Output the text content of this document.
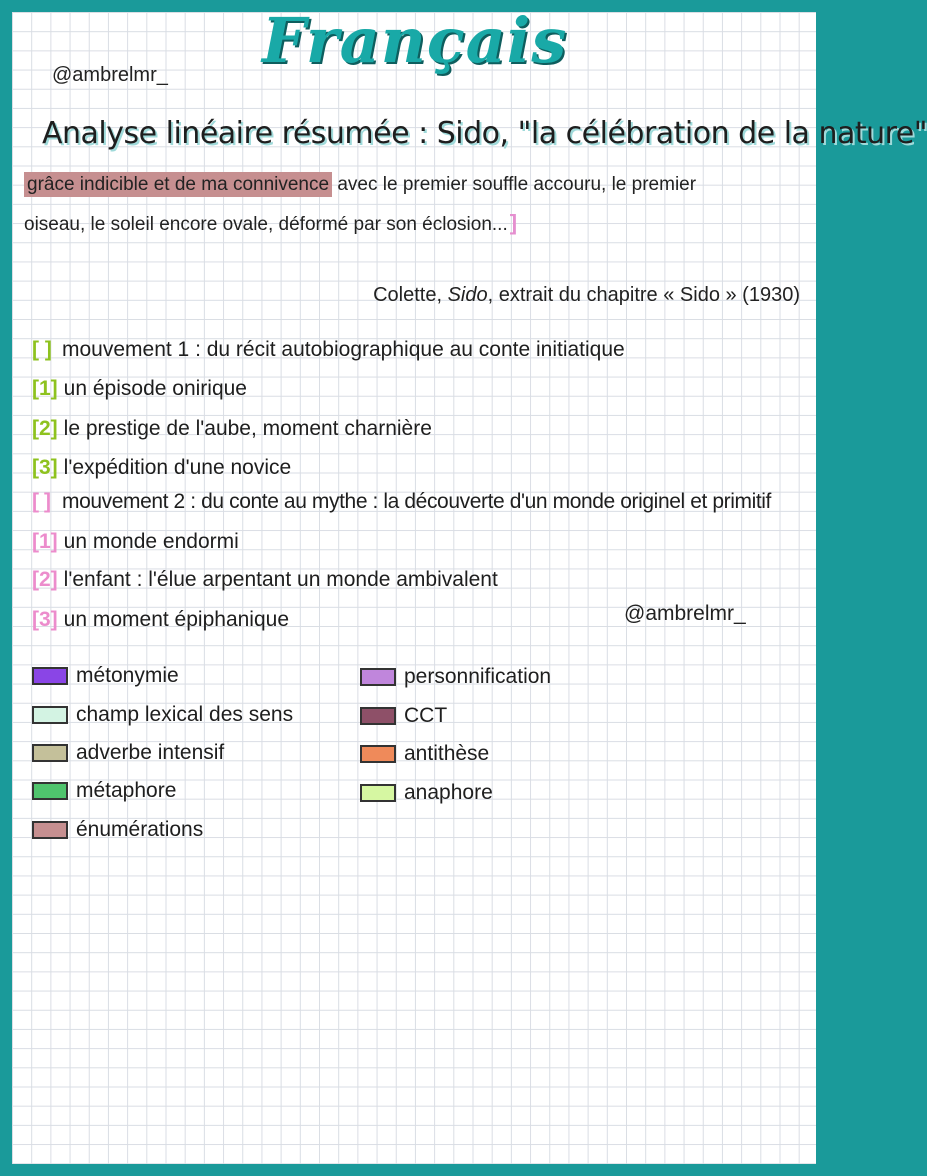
@ambrelmr_ Français
Analyse linéaire résumée : Sido, "la célébration de la nature"
grâce indicible et de ma connivence avec le premier souffle accouru, le premier
oiseau, le soleil encore ovale, déformé par son éclosion...]
Colette, Sido, extrait du chapitre « Sido » (1930)
[ ] mouvement 1 : du récit autobiographique au conte initiatique
[1] un épisode onirique
[2] le prestige de l'aube, moment charnière
[3] l'expédition d'une novice
[ ] mouvement 2 : du conte au mythe : la découverte d'un monde originel et primitif
[1] un monde endormi
[2] l'enfant : l'élue arpentant un monde ambivalent
[3] un moment épiphanique	@ambrelmr_
métonymie
champ lexical des sens
adverbe intensif
métaphore
énumérations
personnification
CCT
antithèse
anaphore
